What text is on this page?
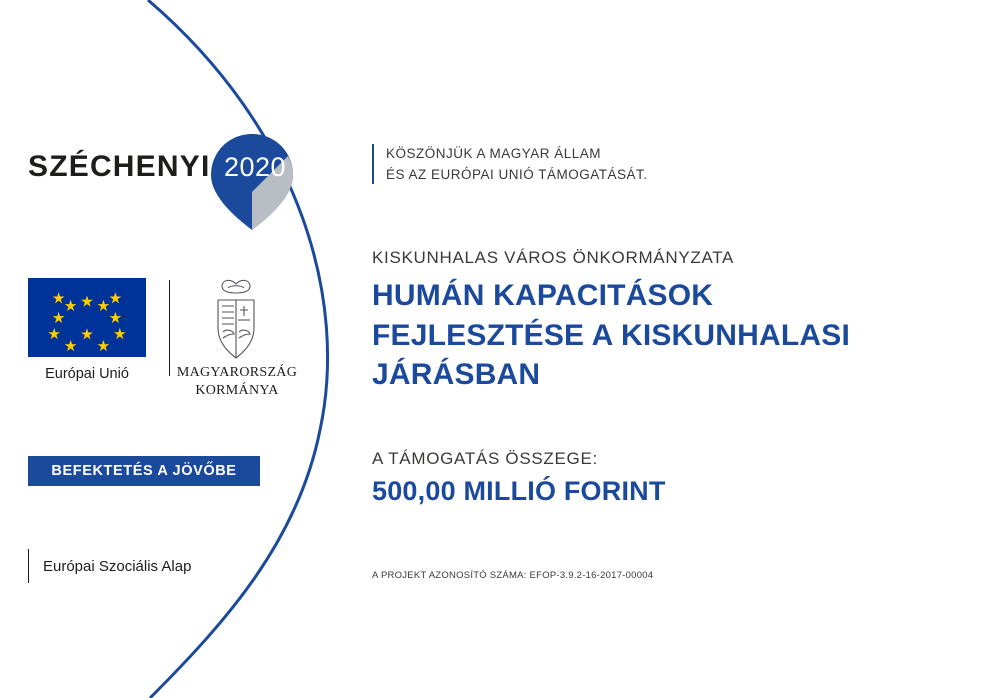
SZÉCHENYI 2020
Európai Unió	MAGYARORSZÁG
KORMÁNYA
BEFEKTETÉS A JÖVŐBE
Európai Szociális Alap
KÖSZÖNJÜK A MAGYAR ÁLLAM
ÉS AZ EURÓPAI UNIÓ TÁMOGATÁSÁT.
KISKUNHALAS VÁROS ÖNKORMÁNYZATA
HUMÁN KAPACITÁSOK FEJLESZTÉSE A KISKUNHALASI JÁRÁSBAN
A TÁMOGATÁS ÖSSZEGE:
500,00 MILLIÓ FORINT
A PROJEKT AZONOSÍTÓ SZÁMA: EFOP-3.9.2-16-2017-00004
